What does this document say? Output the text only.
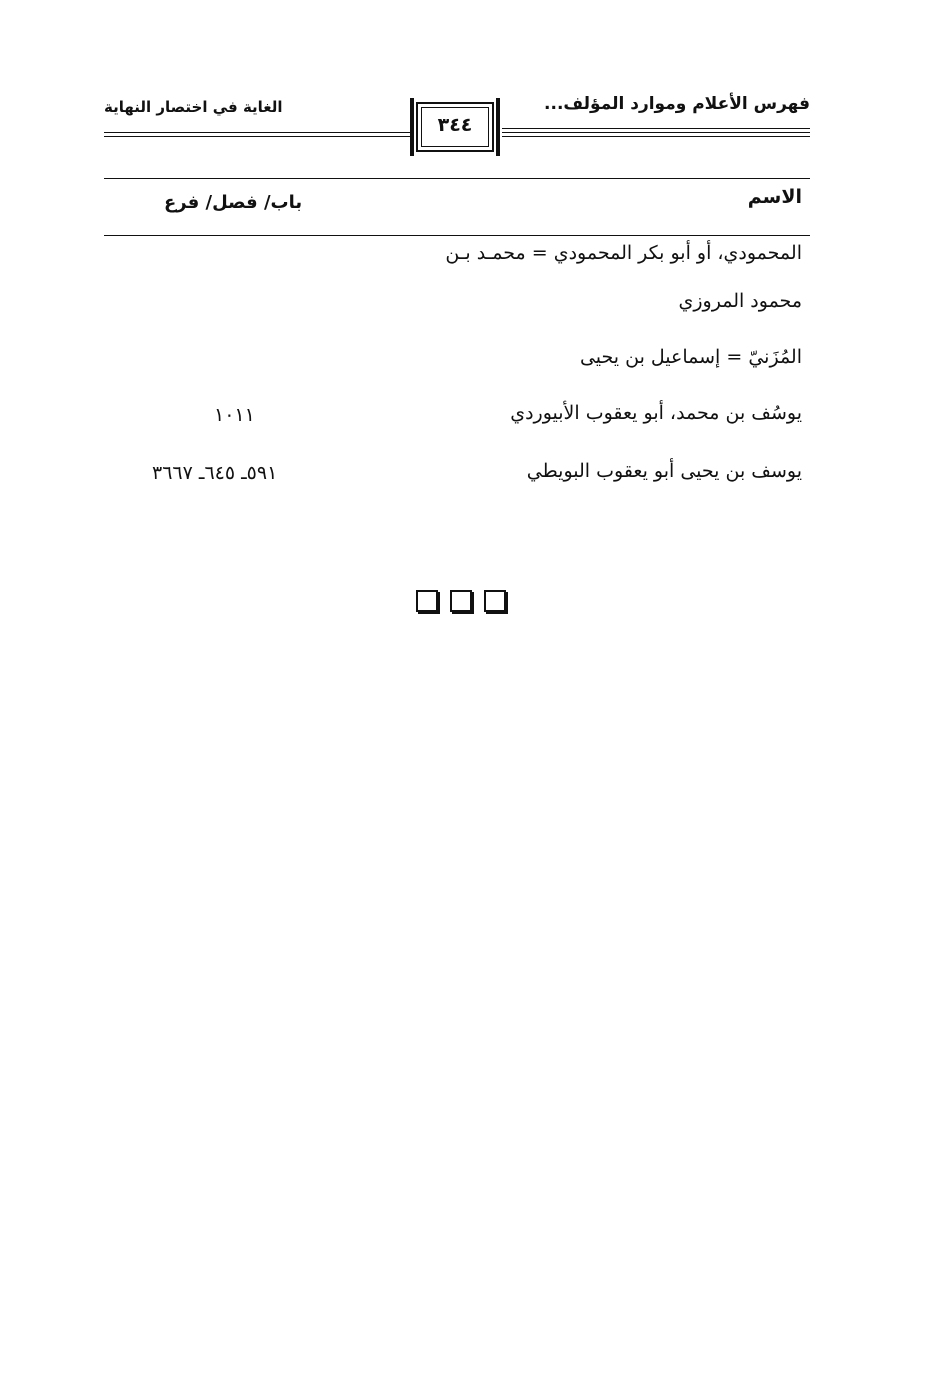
فهرس الأعلام وموارد المؤلف...
الغاية في اختصار النهاية
٣٤٤
الاسم
باب/ فصل/ فرع
المحمودي، أو أبو بكر المحمودي = محمـد بـن
محمود المروزي
المُزَنيّ = إسماعيل بن يحيى
يوسُف بن محمد، أبو يعقوب الأبيوردي
١٠١١
يوسف بن يحيى أبو يعقوب البويطي
٥٩١ـ ٦٤٥ـ ٣٦٦٧
